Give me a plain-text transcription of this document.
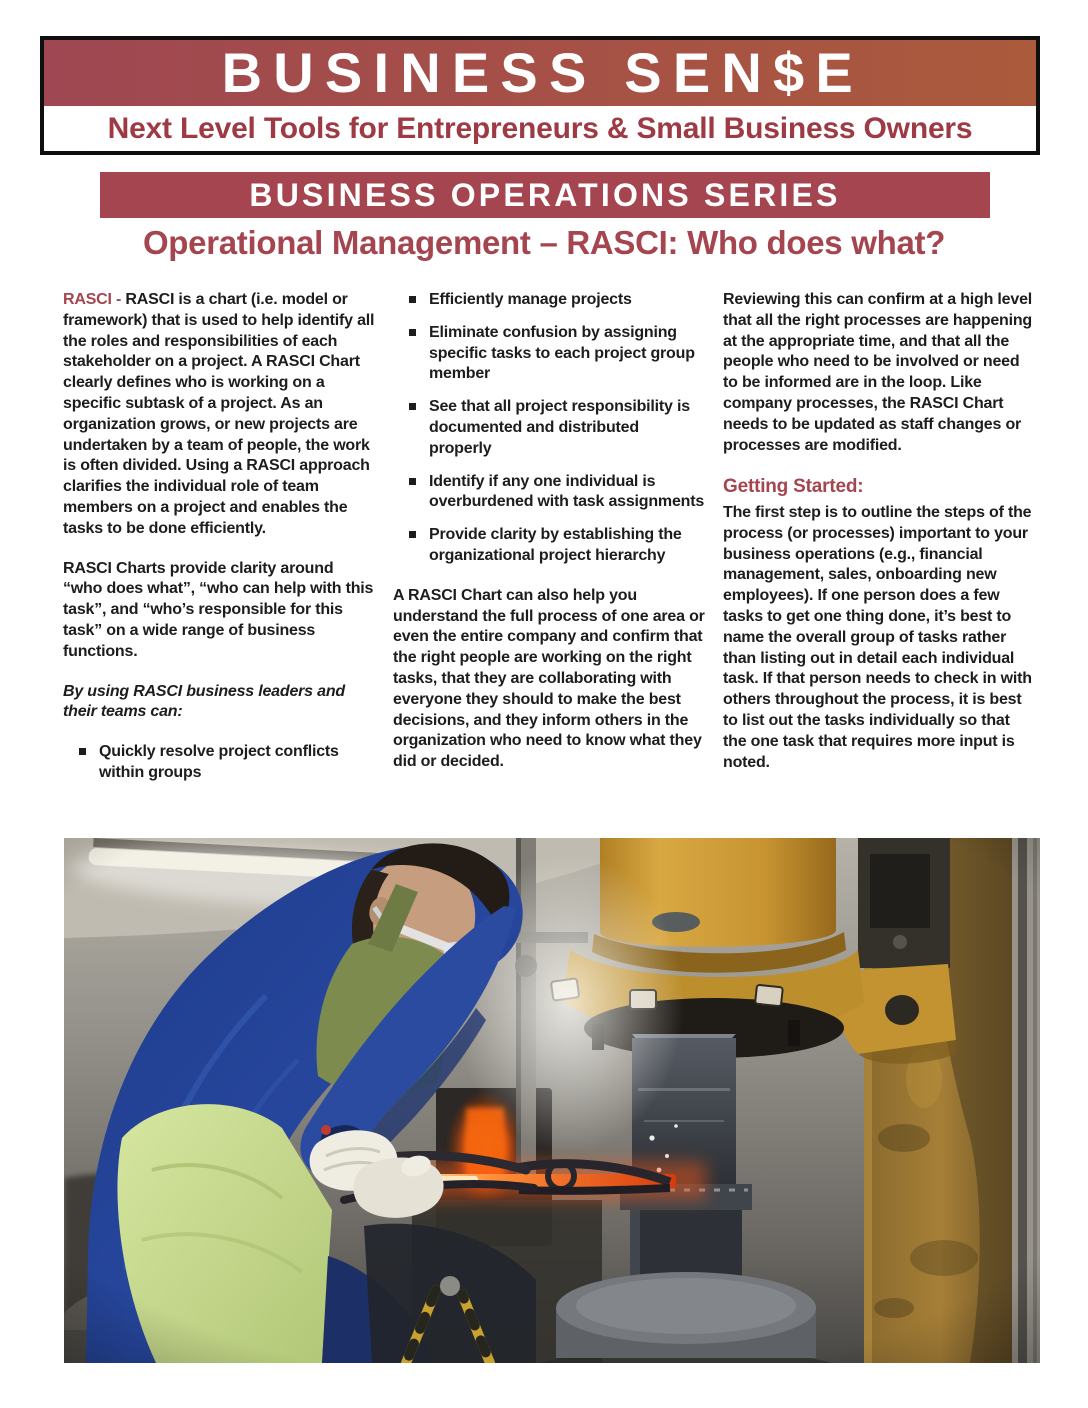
BUSINESS SEN$E
Next Level Tools for Entrepreneurs & Small Business Owners
BUSINESS OPERATIONS SERIES
Operational Management – RASCI: Who does what?

RASCI - RASCI is a chart (i.e. model or framework) that is used to help identify all the roles and responsibilities of each stakeholder on a project. A RASCI Chart clearly defines who is working on a specific subtask of a project. As an organization grows, or new projects are undertaken by a team of people, the work is often divided. Using a RASCI approach clarifies the individual role of team members on a project and enables the tasks to be done efficiently.

RASCI Charts provide clarity around “who does what”, “who can help with this task”, and “who’s responsible for this task” on a wide range of business functions.

By using RASCI business leaders and their teams can:

Quickly resolve project conflicts within groups
Efficiently manage projects
Eliminate confusion by assigning specific tasks to each project group member
See that all project responsibility is documented and distributed properly
Identify if any one individual is overburdened with task assignments
Provide clarity by establishing the organizational project hierarchy

A RASCI Chart can also help you understand the full process of one area or even the entire company and confirm that the right people are working on the right tasks, that they are collaborating with everyone they should to make the best decisions, and they inform others in the organization who need to know what they did or decided.

Reviewing this can confirm at a high level that all the right processes are happening at the appropriate time, and that all the people who need to be involved or need to be informed are in the loop. Like company processes, the RASCI Chart needs to be updated as staff changes or processes are modified.

Getting Started:

The first step is to outline the steps of the process (or processes) important to your business operations (e.g., financial management, sales, onboarding new employees). If one person does a few tasks to get one thing done, it’s best to name the overall group of tasks rather than listing out in detail each individual task. If that person needs to check in with others throughout the process, it is best to list out the tasks individually so that the one task that requires more input is noted.
